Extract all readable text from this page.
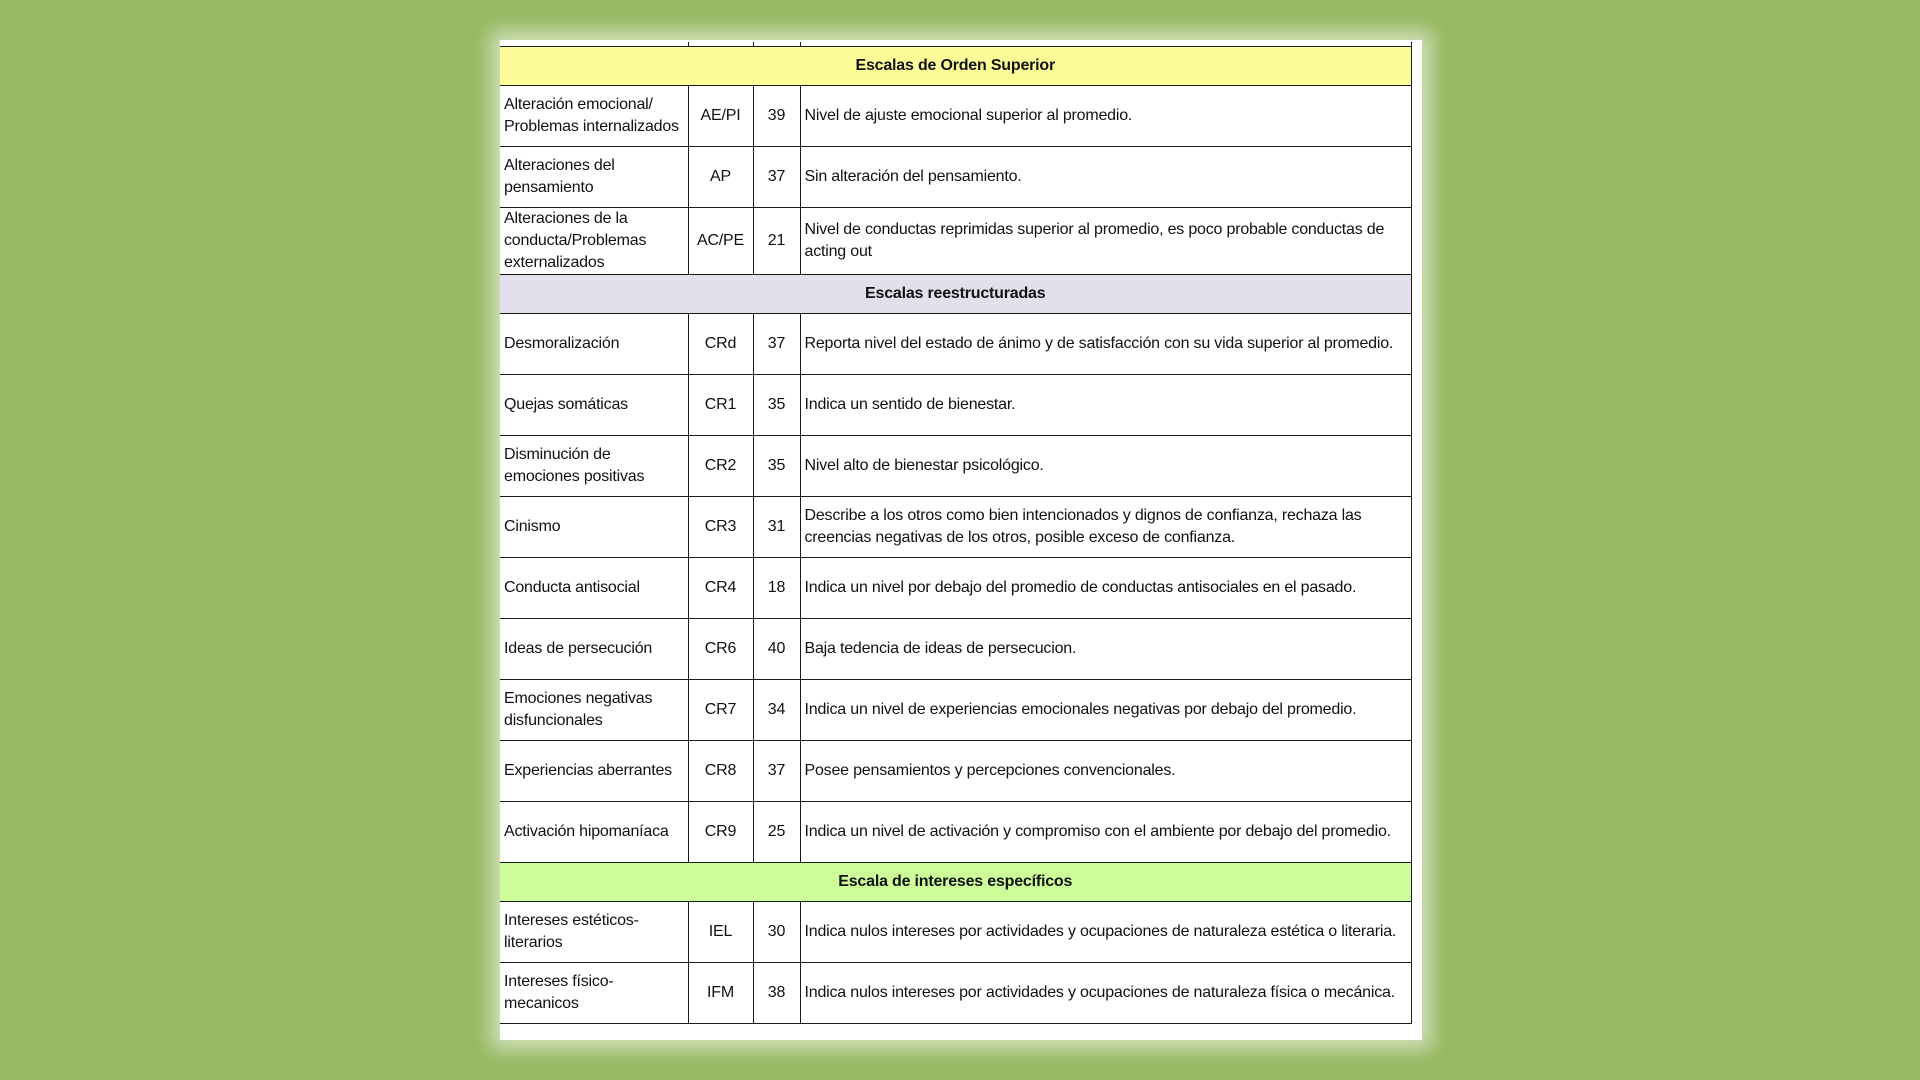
Escalas de Orden Superior			
Alteración emocional/ Problemas internalizados	AE/PI	39	Nivel de ajuste emocional superior al promedio.
Alteraciones del pensamiento	AP	37	Sin alteración del pensamiento.
Alteraciones de la conducta/Problemas externalizados	AC/PE	21	Nivel de conductas reprimidas superior al promedio, es poco probable conductas de acting out
Escalas reestructuradas			
Desmoralización	CRd	37	Reporta nivel del estado de ánimo y de satisfacción con su vida superior al promedio.
Quejas somáticas	CR1	35	Indica un sentido de bienestar.
Disminución de emociones positivas	CR2	35	Nivel alto de bienestar psicológico.
Cinismo	CR3	31	Describe a los otros como bien intencionados y dignos de confianza, rechaza las creencias negativas de los otros, posible exceso de confianza.
Conducta antisocial	CR4	18	Indica un nivel por debajo del promedio de conductas antisociales en el pasado.
Ideas de persecución	CR6	40	Baja tedencia de ideas de persecucion.
Emociones negativas disfuncionales	CR7	34	Indica un nivel de experiencias emocionales negativas por debajo del promedio.
Experiencias aberrantes	CR8	37	Posee pensamientos y percepciones convencionales.
Activación hipomaníaca	CR9	25	Indica un nivel de activación y compromiso con el ambiente por debajo del promedio.
Escala de intereses específicos			
Intereses estéticos-literarios	IEL	30	Indica nulos intereses por actividades y ocupaciones de naturaleza estética o literaria.
Intereses físico-mecanicos	IFM	38	Indica nulos intereses por actividades y ocupaciones de naturaleza física o mecánica.
